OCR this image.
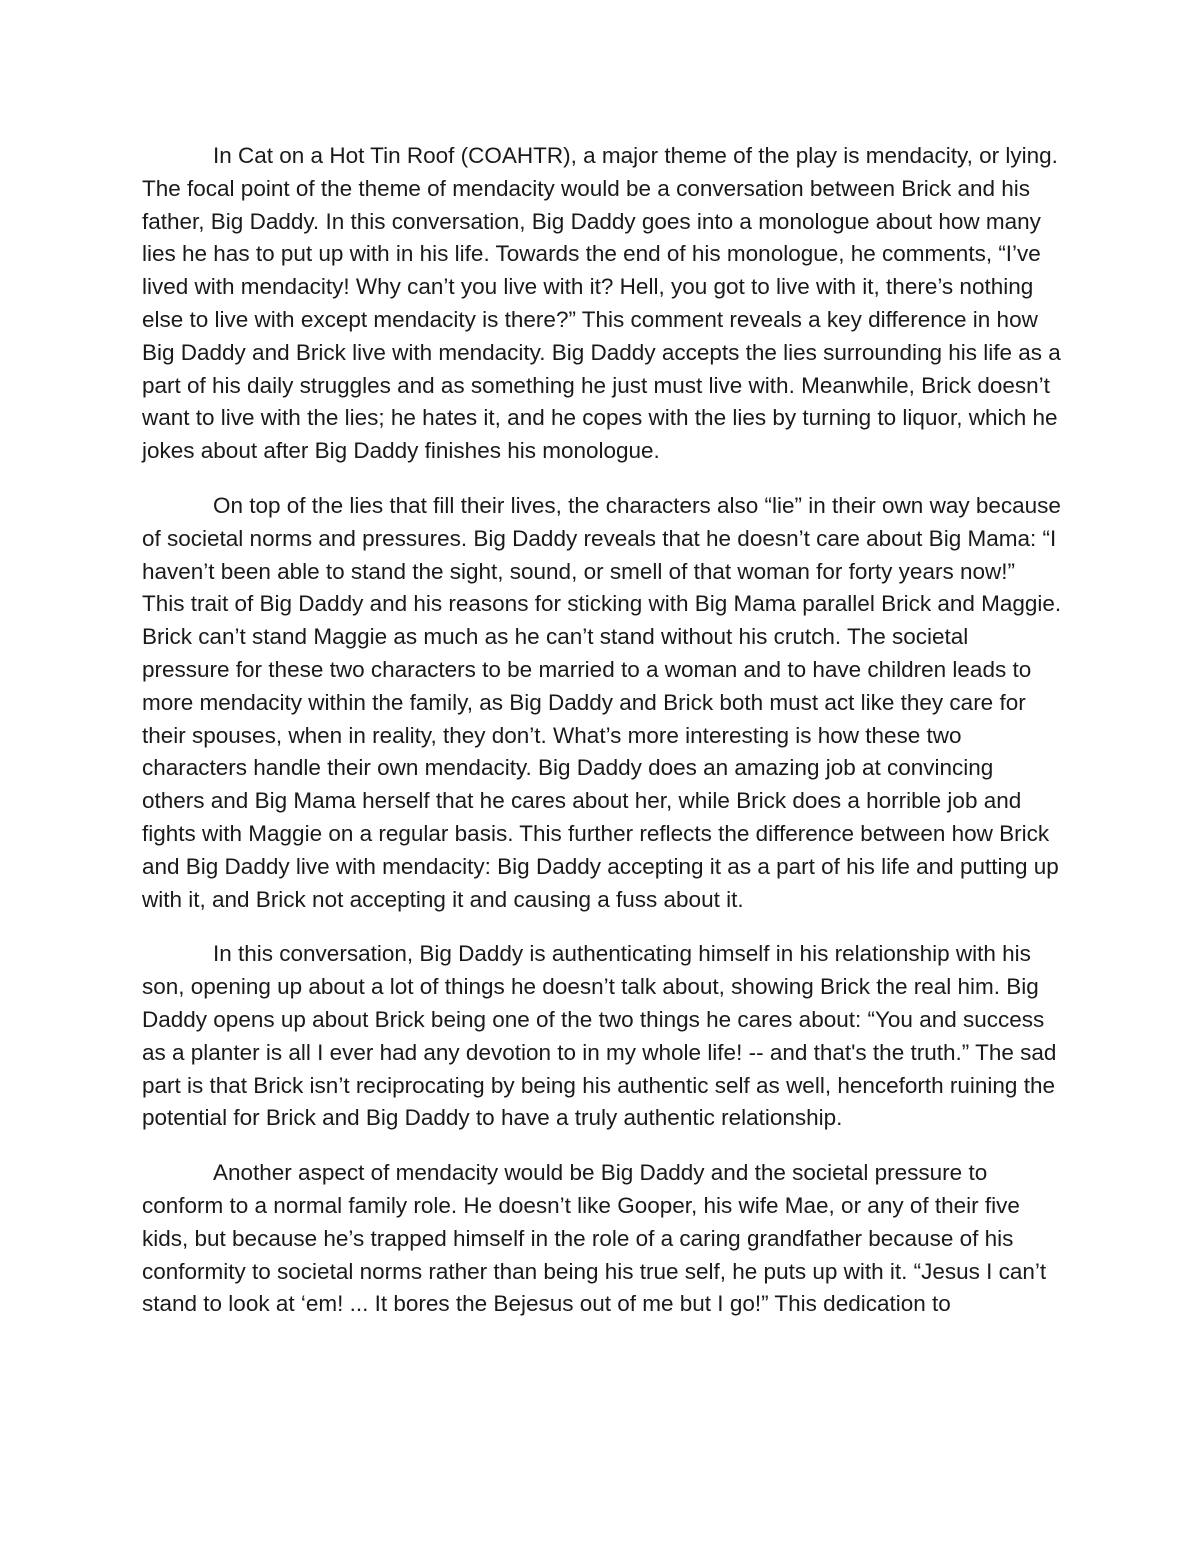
In Cat on a Hot Tin Roof (COAHTR), a major theme of the play is mendacity, or lying. The focal point of the theme of mendacity would be a conversation between Brick and his father, Big Daddy. In this conversation, Big Daddy goes into a monologue about how many lies he has to put up with in his life. Towards the end of his monologue, he comments, “I’ve lived with mendacity! Why can’t you live with it? Hell, you got to live with it, there’s nothing else to live with except mendacity is there?” This comment reveals a key difference in how Big Daddy and Brick live with mendacity. Big Daddy accepts the lies surrounding his life as a part of his daily struggles and as something he just must live with. Meanwhile, Brick doesn’t want to live with the lies; he hates it, and he copes with the lies by turning to liquor, which he jokes about after Big Daddy finishes his monologue.

On top of the lies that fill their lives, the characters also “lie” in their own way because of societal norms and pressures. Big Daddy reveals that he doesn’t care about Big Mama: “I haven’t been able to stand the sight, sound, or smell of that woman for forty years now!” This trait of Big Daddy and his reasons for sticking with Big Mama parallel Brick and Maggie. Brick can’t stand Maggie as much as he can’t stand without his crutch. The societal pressure for these two characters to be married to a woman and to have children leads to more mendacity within the family, as Big Daddy and Brick both must act like they care for their spouses, when in reality, they don’t. What’s more interesting is how these two characters handle their own mendacity. Big Daddy does an amazing job at convincing others and Big Mama herself that he cares about her, while Brick does a horrible job and fights with Maggie on a regular basis. This further reflects the difference between how Brick and Big Daddy live with mendacity: Big Daddy accepting it as a part of his life and putting up with it, and Brick not accepting it and causing a fuss about it.

In this conversation, Big Daddy is authenticating himself in his relationship with his son, opening up about a lot of things he doesn’t talk about, showing Brick the real him. Big Daddy opens up about Brick being one of the two things he cares about: “You and success as a planter is all I ever had any devotion to in my whole life! -- and that's the truth.” The sad part is that Brick isn’t reciprocating by being his authentic self as well, henceforth ruining the potential for Brick and Big Daddy to have a truly authentic relationship.

Another aspect of mendacity would be Big Daddy and the societal pressure to conform to a normal family role. He doesn’t like Gooper, his wife Mae, or any of their five kids, but because he’s trapped himself in the role of a caring grandfather because of his conformity to societal norms rather than being his true self, he puts up with it. “Jesus I can’t stand to look at ‘em! ... It bores the Bejesus out of me but I go!” This dedication to
